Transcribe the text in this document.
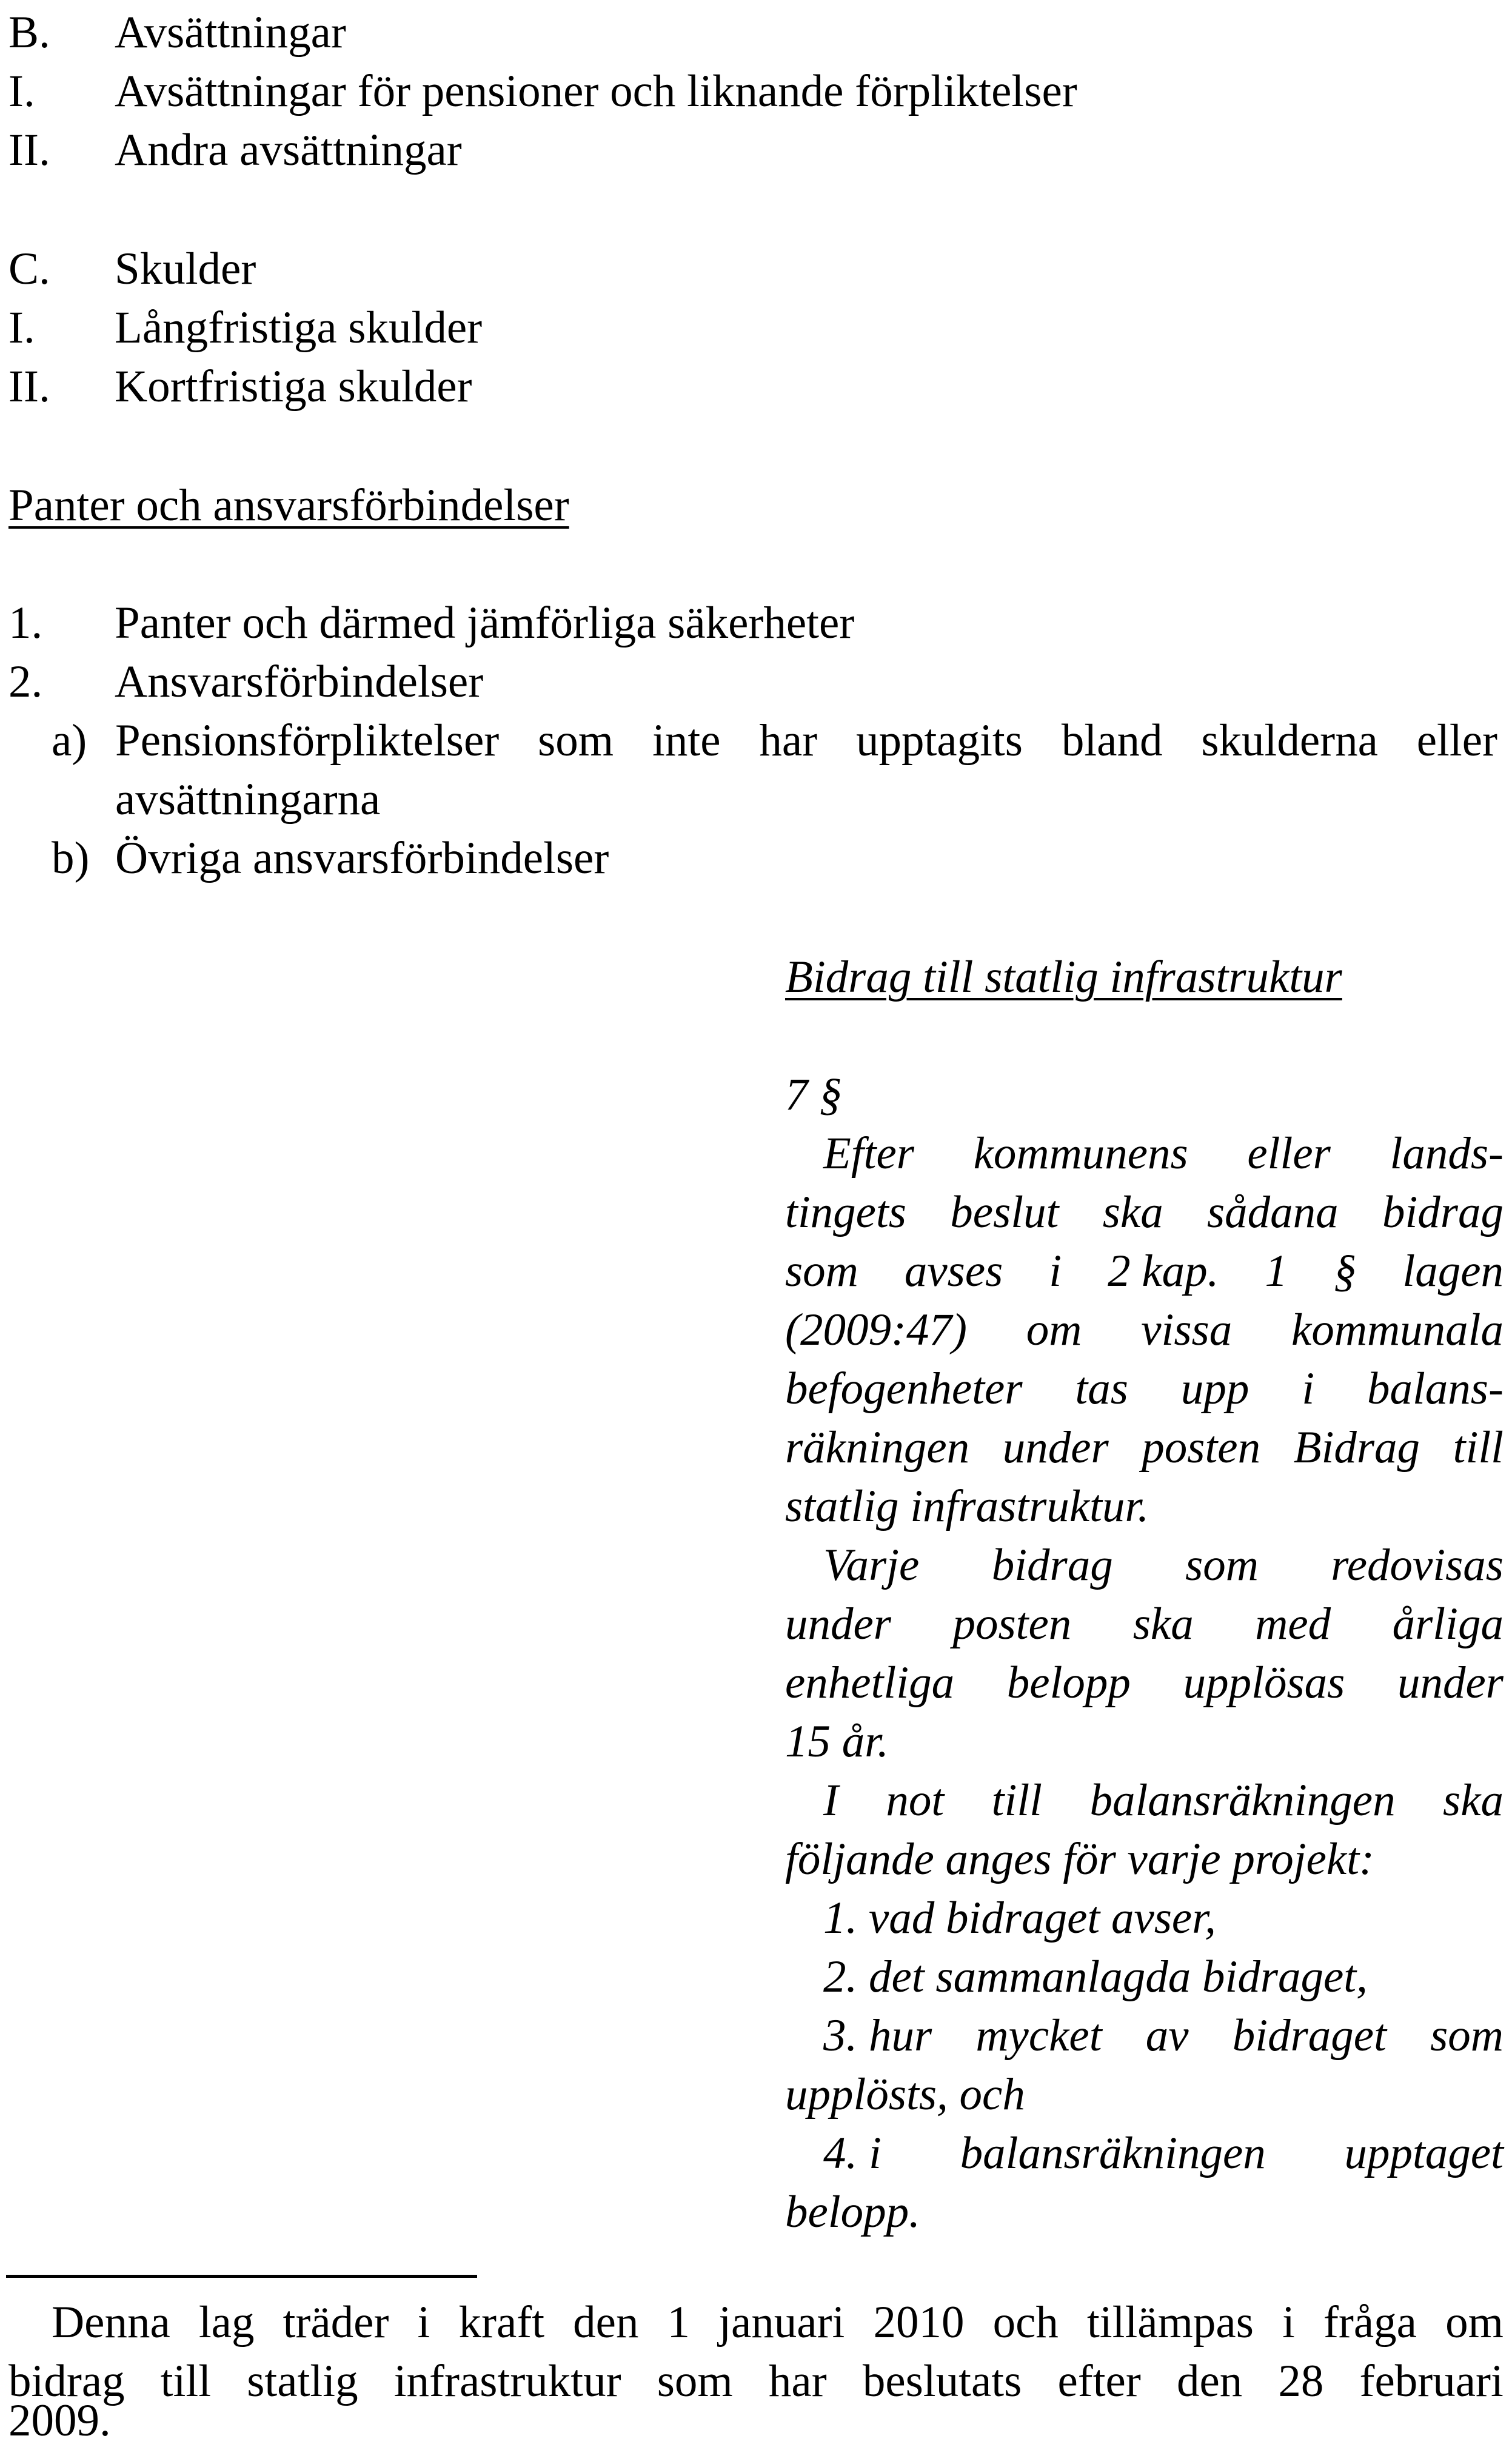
B. Avsättningar
I. Avsättningar för pensioner och liknande förpliktelser
II. Andra avsättningar
C. Skulder
I. Långfristiga skulder
II. Kortfristiga skulder
Panter och ansvarsförbindelser
1. Panter och därmed jämförliga säkerheter
2. Ansvarsförbindelser
a) Pensionsförpliktelser som inte har upptagits bland skulderna eller
avsättningarna
b) Övriga ansvarsförbindelser
Bidrag till statlig infrastruktur
7 §
Efter kommunens eller lands-
tingets beslut ska sådana bidrag
som avses i 2 kap. 1 § lagen
(2009:47) om vissa kommunala
befogenheter tas upp i balans-
räkningen under posten Bidrag till
statlig infrastruktur.
Varje bidrag som redovisas
under posten ska med årliga
enhetliga belopp upplösas under
15 år.
I not till balansräkningen ska
följande anges för varje projekt:
1. vad bidraget avser,
2. det sammanlagda bidraget,
3. hur mycket av bidraget som
upplösts, och
4. i balansräkningen upptaget
belopp.
Denna lag träder i kraft den 1 januari 2010 och tillämpas i fråga om
bidrag till statlig infrastruktur som har beslutats efter den 28 februari
2009.
